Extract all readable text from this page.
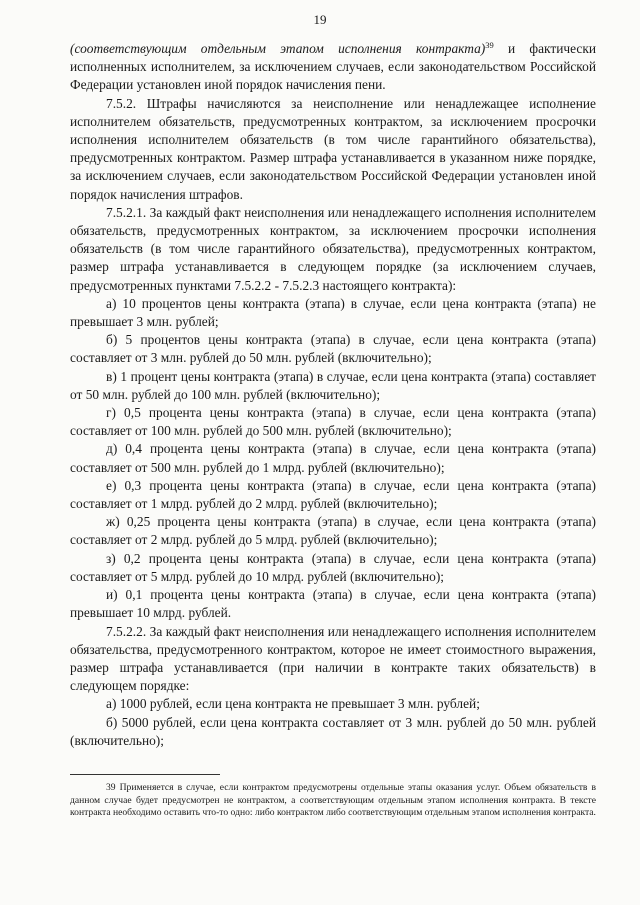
19

(соответствующим отдельным этапом исполнения контракта)$^{39}$ и фактически исполненных исполнителем, за исключением случаев, если законодательством Российской Федерации установлен иной порядок начисления пени.

7.5.2. Штрафы начисляются за неисполнение или ненадлежащее исполнение исполнителем обязательств, предусмотренных контрактом, за исключением просрочки исполнения исполнителем обязательств (в том числе гарантийного обязательства), предусмотренных контрактом. Размер штрафа устанавливается в указанном ниже порядке, за исключением случаев, если законодательством Российской Федерации установлен иной порядок начисления штрафов.

7.5.2.1. За каждый факт неисполнения или ненадлежащего исполнения исполнителем обязательств, предусмотренных контрактом, за исключением просрочки исполнения обязательств (в том числе гарантийного обязательства), предусмотренных контрактом, размер штрафа устанавливается в следующем порядке (за исключением случаев, предусмотренных пунктами 7.5.2.2 - 7.5.2.3 настоящего контракта):

а) 10 процентов цены контракта (этапа) в случае, если цена контракта (этапа) не превышает 3 млн. рублей;

б) 5 процентов цены контракта (этапа) в случае, если цена контракта (этапа) составляет от 3 млн. рублей до 50 млн. рублей (включительно);

в) 1 процент цены контракта (этапа) в случае, если цена контракта (этапа) составляет от 50 млн. рублей до 100 млн. рублей (включительно);

г) 0,5 процента цены контракта (этапа) в случае, если цена контракта (этапа) составляет от 100 млн. рублей до 500 млн. рублей (включительно);

д) 0,4 процента цены контракта (этапа) в случае, если цена контракта (этапа) составляет от 500 млн. рублей до 1 млрд. рублей (включительно);

е) 0,3 процента цены контракта (этапа) в случае, если цена контракта (этапа) составляет от 1 млрд. рублей до 2 млрд. рублей (включительно);

ж) 0,25 процента цены контракта (этапа) в случае, если цена контракта (этапа) составляет от 2 млрд. рублей до 5 млрд. рублей (включительно);

з) 0,2 процента цены контракта (этапа) в случае, если цена контракта (этапа) составляет от 5 млрд. рублей до 10 млрд. рублей (включительно);

и) 0,1 процента цены контракта (этапа) в случае, если цена контракта (этапа) превышает 10 млрд. рублей.

7.5.2.2. За каждый факт неисполнения или ненадлежащего исполнения исполнителем обязательства, предусмотренного контрактом, которое не имеет стоимостного выражения, размер штрафа устанавливается (при наличии в контракте таких обязательств) в следующем порядке:

а) 1000 рублей, если цена контракта не превышает 3 млн. рублей;

б) 5000 рублей, если цена контракта составляет от 3 млн. рублей до 50 млн. рублей (включительно);

39 Применяется в случае, если контрактом предусмотрены отдельные этапы оказания услуг. Объем обязательств в данном случае будет предусмотрен не контрактом, а соответствующим отдельным этапом исполнения контракта. В тексте контракта необходимо оставить что-то одно: либо контрактом либо соответствующим отдельным этапом исполнения контракта.
